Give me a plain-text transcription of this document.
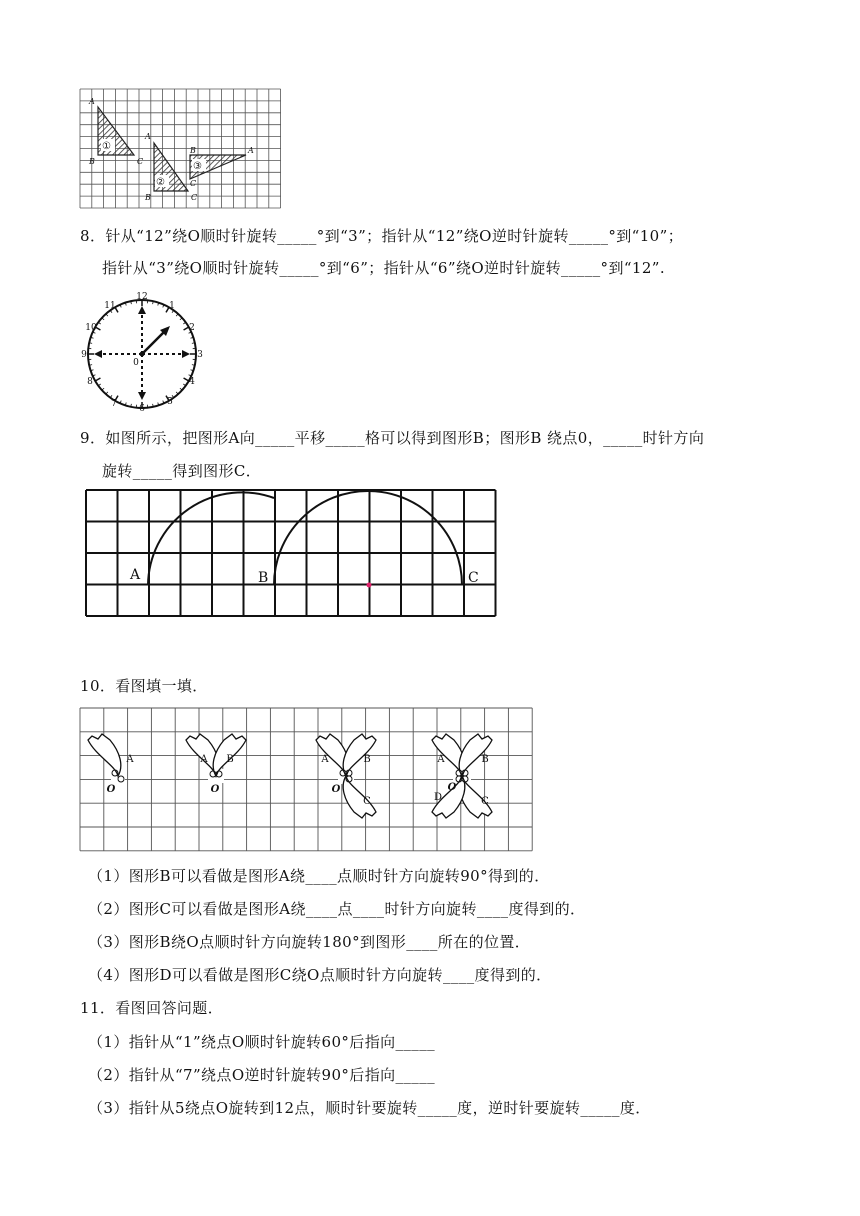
A
B	C
A
B	C
B
C
A
①
②
③
8．针从“12”绕O顺时针旋转_____°到“3”；指针从“12”绕O逆时针旋转_____°到“10”；
指针从“3”绕O顺时针旋转_____°到“6”；指针从“6”绕O逆时针旋转_____°到“12”.
12
1
2
3
4
5
6
7
8
9
10
11
0
9．如图所示，把图形A向_____平移_____格可以得到图形B；图形B 绕点0，_____时针方向
旋转_____得到图形C．
A	B	C
10．看图填一填．
A	A B	A	B
C
A	B
C
D
O	O	O	O
（1）图形B可以看做是图形A绕____点顺时针方向旋转90°得到的．
（2）图形C可以看做是图形A绕____点____时针方向旋转____度得到的．
（3）图形B绕O点顺时针方向旋转180°到图形____所在的位置．
（4）图形D可以看做是图形C绕O点顺时针方向旋转____度得到的．
11．看图回答问题．
（1）指针从“1”绕点O顺时针旋转60°后指向_____
（2）指针从“7”绕点O逆时针旋转90°后指向_____
（3）指针从5绕点O旋转到12点，顺时针要旋转_____度，逆时针要旋转_____度．
